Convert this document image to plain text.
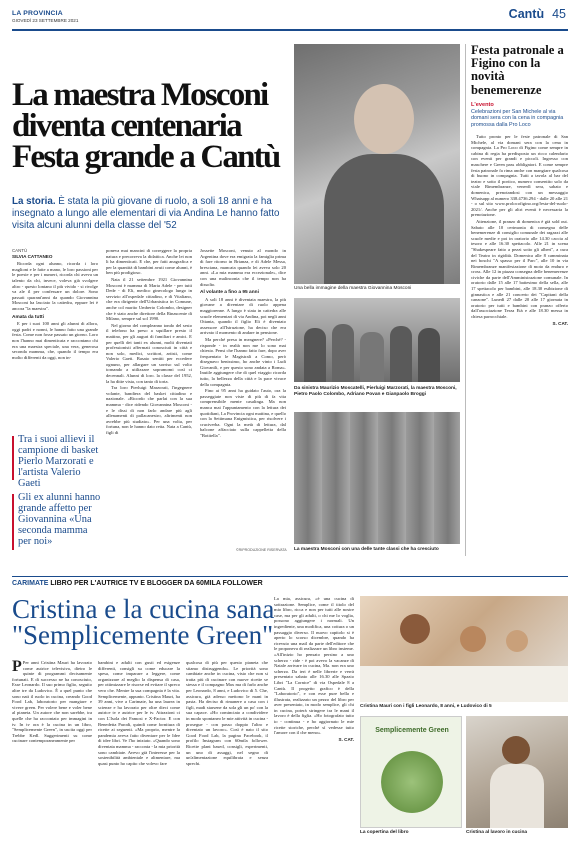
LA PROVINCIA
GIOVEDÌ 23 SETTEMBRE 2021	Cantù 45
La maestra Mosconi
diventa centenaria
Festa grande a Cantù
La storia. È stata la più giovane di ruolo, a soli 18 anni e ha insegnato a lungo alle elementari di via Andina Le hanno fatto visita alcuni alunni della classe del '52
CANTÙ
SILVIA CATTANEO

Ricorda ogni alunno, ricorda i loro maglioni e le fatte a mano, le loro passioni per le poesie e per i numeri, ricorda chi aveva un talento da chi, invece, voleva già svolgere altro - questo lontano il più vivido - si rivolge va ale il per confessare un dolore. Sono passati quarant'anni da quando Giovannina Mosconi ha lasciato la cattedra, eppure lei è ancora "la maestra".

Amata da tutti

E per i suoi 100 anni gli alunni di allora, oggi padri e nonni, le hanno fatto una grande festa. Come non fosse passato un giorno. Loro non l'hanno mai dimenticata e raccontano chi era una maestra speciale, una vera, generosa seconda mamma, che, quando il tempo era molto differenti da oggi, non in-

Tra i suoi allievi il campione di basket Pierlo Marzorati e l'artista Valerio Gaeti
Gli ex alunni hanno grande affetto per Giovannina «Una seconda mamma per noi»

poneva mai mancini di correggere la propria natura e precorreva la didattica. Anche lei non li ha dimenticati. E che, per fatti anagrafica e per la quantità di bambini avuti come alunni, è ben più prodigioso.

Nata il 21 settembre 1921 Giovannina Mosconi è mamma di Maria Adele - per tutti Dede - di Eli, medico ginecologo lungo in servizio all'ospedale cittadino, e di Vitaliano, che era dirigente dell'Urbanistica in Comune, anche col marito Umberto Colombo, designer che è stato anche direttore della Rinascente di Milano, sempre sul sol 1990.

Nel giorno del compleanno tondo del sesto il telefono ha preso a squillare presto il mattino, per gli auguri di familiari e amici. E per quelli dei tanti ex alunni, molti diventati professionisti affermati conosciuti in città e non solo, medici, scrittori, artisti, come Valerio Gaeti. Basato sentiti per eccedere ognuno, per allargare un sorriso sul volto tornando a utilizzare sopramomi così ci decennali. Alunni di loro. la classe del 1952, la ha ditte vista, con tanto di torta.

Tra loro Pierluigi Marzorati, l'ingegnere volante, bandiera del basket cittadino e nazionale. «Ricordo che parlai con la sua mamma - dice ridendo Giovannina Mosconi - e le dissi di non farlo andare più agli allenamenti di pallacanestro, altrimenti non avrebbe più studiato». Per una volta, per fortuna, non le hanno dato retta. Nata a Cantù, figli di

Jossette Mosconi, venuto al mondo in Argentina dove era emigrata la famiglia prima di fare ritorno in Brianza, e di Adele Messa, bresciana, mancata quando lei aveva solo 20 anni. «La mia mamma era eccezionale», dice con una malinconia che il tempo non ha dissolto.

Al volante a fino a 95 anni

A soli 18 anni è diventata maestra, la più giovane a diventare di ruolo appena maggiorenne. A lungo è stata in cattedra alle scuole elementari di via Andina, poi negli anni Ottanta, quando il figlio Eli è diventato assessore all'Istruzione, ha deciso che era arrivato il momento di andare in pensione.

Ma perché presa in meagnere? «Perché? - risponde - in realtà non me lo sono mai chiesto. Pensi che l'hanno fatto fare, dopo aver frequentato le Magistrali a Como, però disegnavo benissimo, ho anche vinto i Ludi Giovanili, e per questo sono andata a Roma». Inutile aggiungere che di quel viaggio ricorda tutto, la bellezza della città e la pace vivace della compagnia.

Fino ai 95 anni ha guidato l'auto, ora la passeggiate non viste di più di fa vita comprensibile mente casalinga. Ma non manca mai l'appuntamento con la lettura dei quotidiani, La Provincia ogni mattina, e quello con la Settimana Enigmistica, per risolvere i cruciverba. Ogni la metà di lettura, dal balcone affacciato sulla cappelletta della "Botitella".

©RIPRODUZIONE RISERVATA
Una bella immagine della maestra Giovannina Mosconi
Da sinistra Maurizio Moscatelli, Pierluigi Marzorati, la maestra Mosconi, Pietro Paolo Colombo, Adriano Povan e Gianpaolo Broggi
La maestra Mosconi con una delle tante classi che ha cresciuto
Festa patronale a Figino con la novità benemerenze
L'evento
Celebrazioni per San Michele al via domani sera con la cena in compagnia promossa dalla Pro Loco

Tutto pronto per le feste patronale di San Michele, al via domani sera con la cena in compagnia. La Pro Loco di Figino come sempre in cabina di regia ha predisposto un ricco calendario con eventi per grandi e piccoli. Ingresso con maschere e Green pass obbligatori. E come sempre festa patronale fa rima anche con mangiare qualcosa di buono in compagnia. Tutti a tavola al bar del teatro e sotto il portico, numero consentito solo da viale Rimembranze, venerdì sera, sabato e domenica, prenotandosi con un messaggio Whatsapp al numero 338.4736.294 - dalle 20 alle 21 - o sul sito www.prolocofigino.org/festa-del-ruolo-2021/. Anche per gli altri eventi è necessaria la prenotazione.

Attenzione, il pranzo di domenica è già sold out. Sabato alle 10 cerimonia di consegna delle benemerenze di consiglio comunale dei ragazzi alle scuole medie e poi in oratorio alle 14.30 caccia al tesoro e alle 16.30 spettacolo. Alle 21 in scena "Shakespeare fatto a pezzi sotto gli alberi", a cura del Teatro in rigidità. Domenica alle 8 camminata nei boschi "A spasso per il Parc", alle 10 in via Rimembranze manifestazione di moto da enduro e cross. Alle 12 in piazza consegna delle benemerenze civiche da parte dell'Amministrazione comunale. In oratorio dalle 15 alle 17 battesimo della sella, alle 17 spettacolo per bambini, alle 18.30 esibizione di ginnastica e alle 21 concerto dei "Capitani della canzone". Lunedì 27 dalle 20 alle 17 giornata in oratorio per tutti e bambini con pranzo offerto dall'associazione Terza Età e alle 18.30 messa in chiesa parrocchiale.

S. CAT.
CARIMATE LIBRO PER L'AUTRICE TV E BLOGGER DA 60MILA FOLLOWER
Cristina e la cucina sana
"Semplicemente Green"

P Per anni Cristina Mauri ha lavorato come autrice televisiva, dietro le quinte di programmi decisamente fortunati. E di successo ne ha conosciuto, Esse Leonardo. Il suo primo figlio, seguito altre tre da Ludovico. È a quel punto che sono nati il ruolo in cucina, creando Good Food Lab, laboratorio per mangiare e vivere green. Per volere bene e voler bene al pianeta. Un autore che non sarebbe, tra quelle che ha raccontato per immagini in tv. In tv ora è la cucina in un libro, "Semplicemente Green", in uscita oggi per Trebbe Kedl. Suggerimenti su come cucinare contemporaneamente per

bambini e adulti con gusti ed esigenze differenti, consigli su come educare la spesa, come imparare a leggere, come organizzare al meglio la dispensa di casa, per ottimizzare le risorse ed evitare il spreco vero che. Mentre la sua compagnia è la vita. Semplicemente, appunto. Cristina Mauri, ha 39 anni, vive a Carimate, ha una laurea in scienze e ha lavorato per oltre dieci come autrice tv e autrice per le tv. Attrazioni ci con L'Isola dei Famosi e X-Factor. E con Benedetta Parodi, quindi come fornitura di ricette ai seguenti. «Ma proprio, mentre la pandemia aveva fatto diventare per le Idee di idee libri. Ve l'ho iniziato. «Quando sono diventata mamma - racconta - la mia priorità sono cambiate. Avevo già l'interesse per la sostenibilità ambientale e alimentare, ma quasi punto ho capito che volevo fare

qualcosa di più per questo pianeta che stiamo distruggendo». Le priorità sono cambiate anche in cucina, visto che non si tratta più di cucinare con nuove ricette se stessa e il compagno Max ma di farlo anche per Leonardo, 8 anni, e Ludovico di 5. Che, assicura, già adesso mettono le mani in pasta. Ha deciso di rimanere a casa con i figli, madi starsene da sola gli un po' con la sua capace. «Ho cominciato a condividere in modo spontaneo le mie attività in cucina - prosegue - con passo doppio l'altro e diventato un lavoro». Così è nato il sito Good Food Lab, la pagina Facebook, il profilo Instagram con 60mila follower. Ricette plant based, consigli, esperimenti, un uno di assaggi, nel segno di un'alimentazione equilibrata e senza sprechi.

La mia, assicura, «è una cucina di sottrazione. Semplice, come il titolo del mio libro, ricca e non per tutti alle nostre case, ma per gli adulti, o chi me lo voglia, possono aggiungere i normali. Un ingrediente, una modifica, una cottura o un passaggio diverso. Il nuovo capitolo si è aperto lo scorso dicembre, quando ha ricevuto una mail da parte dell'editore che le proponeva di realizzare un libro insieme. «All'inizio ho pensato persino a uno scherzo - ride - è poi avevo la vacanze di Natale arrivare in cucina, Ma. non era uno scherzo. Da ieri è nelle librerie e verrà presentato sabato alle 16.30 alle Spazio Libri "La Cornice" di via Ospedale 8 a Cantù. Il progetto grafico è della "Laboratorio", e con esse pure bella e illustrata, realizzato un pezzo del libro per aver presentato, in modo semplice, gli chi in cucina, poterà stringere tra le mani il lavoro è della figlia. «Ho fotografato tutto io - continua - e ho aggiornato le mie ricette storiche, perché sì vedesse tutto l'amore con il che meno».

S. CAT.
Cristina Mauri con i figli Leonardo, 8 anni, e Ludovico di 5
Semplicemente Green
La copertina del libro	Cristina al lavoro in cucina
